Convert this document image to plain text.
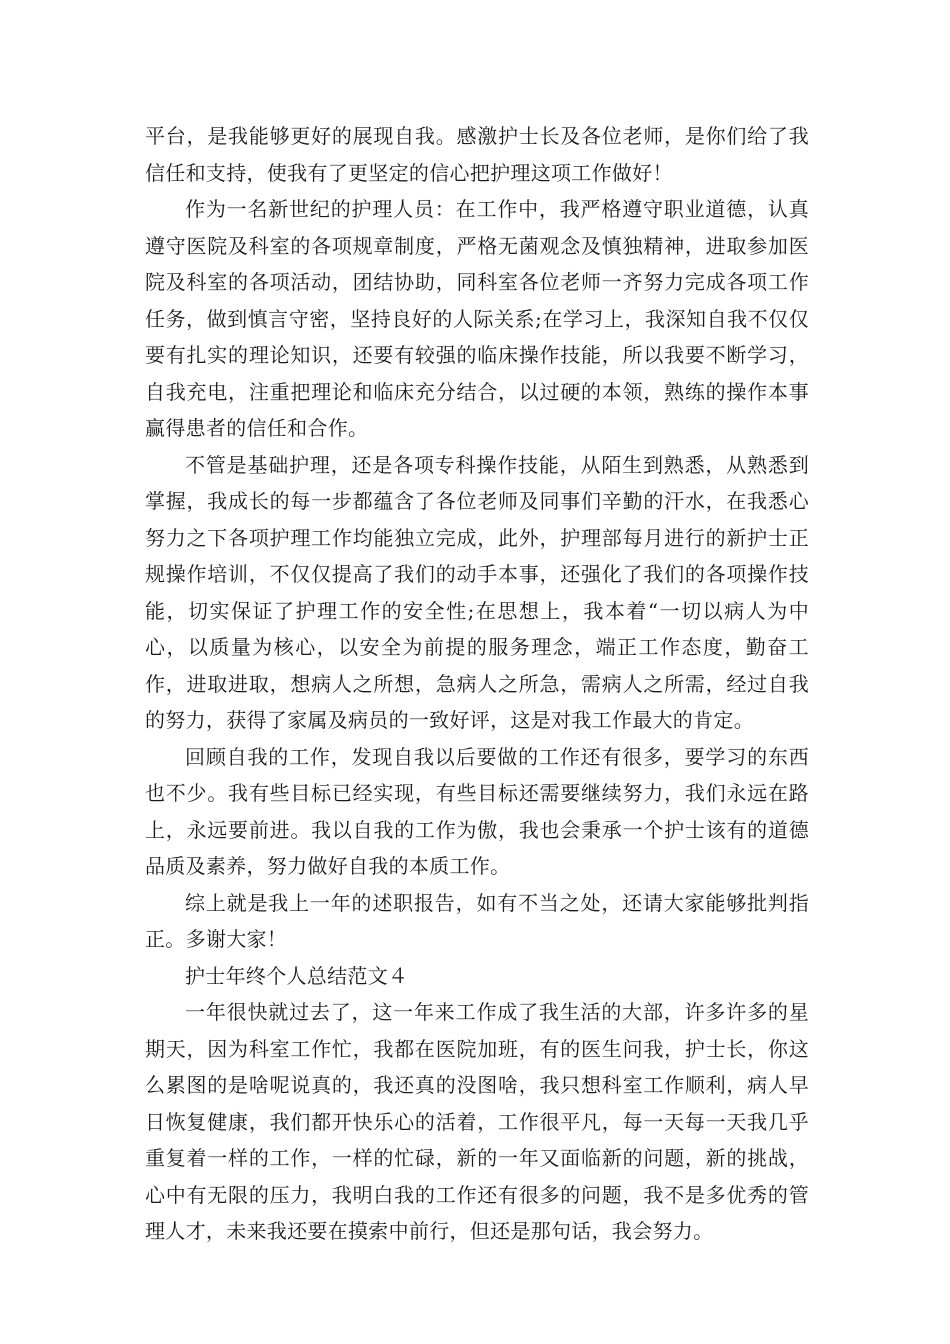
平台，是我能够更好的展现自我。感激护士长及各位老师，是你们给了我信任和支持，使我有了更坚定的信心把护理这项工作做好！

作为一名新世纪的护理人员：在工作中，我严格遵守职业道德，认真遵守医院及科室的各项规章制度，严格无菌观念及慎独精神，进取参加医院及科室的各项活动，团结协助，同科室各位老师一齐努力完成各项工作任务，做到慎言守密，坚持良好的人际关系;在学习上，我深知自我不仅仅要有扎实的理论知识，还要有较强的临床操作技能，所以我要不断学习，自我充电，注重把理论和临床充分结合，以过硬的本领，熟练的操作本事赢得患者的信任和合作。

不管是基础护理，还是各项专科操作技能，从陌生到熟悉，从熟悉到掌握，我成长的每一步都蕴含了各位老师及同事们辛勤的汗水，在我悉心努力之下各项护理工作均能独立完成，此外，护理部每月进行的新护士正规操作培训，不仅仅提高了我们的动手本事，还强化了我们的各项操作技能，切实保证了护理工作的安全性;在思想上，我本着“一切以病人为中心，以质量为核心，以安全为前提的服务理念，端正工作态度，勤奋工作，进取进取，想病人之所想，急病人之所急，需病人之所需，经过自我的努力，获得了家属及病员的一致好评，这是对我工作最大的肯定。

回顾自我的工作，发现自我以后要做的工作还有很多，要学习的东西也不少。我有些目标已经实现，有些目标还需要继续努力，我们永远在路上，永远要前进。我以自我的工作为傲，我也会秉承一个护士该有的道德品质及素养，努力做好自我的本质工作。

综上就是我上一年的述职报告，如有不当之处，还请大家能够批判指正。多谢大家！

护士年终个人总结范文４

一年很快就过去了，这一年来工作成了我生活的大部，许多许多的星期天，因为科室工作忙，我都在医院加班，有的医生问我，护士长，你这么累图的是啥呢说真的，我还真的没图啥，我只想科室工作顺利，病人早日恢复健康，我们都开快乐心的活着，工作很平凡，每一天每一天我几乎重复着一样的工作，一样的忙碌，新的一年又面临新的问题，新的挑战，心中有无限的压力，我明白我的工作还有很多的问题，我不是多优秀的管理人才，未来我还要在摸索中前行，但还是那句话，我会努力。
